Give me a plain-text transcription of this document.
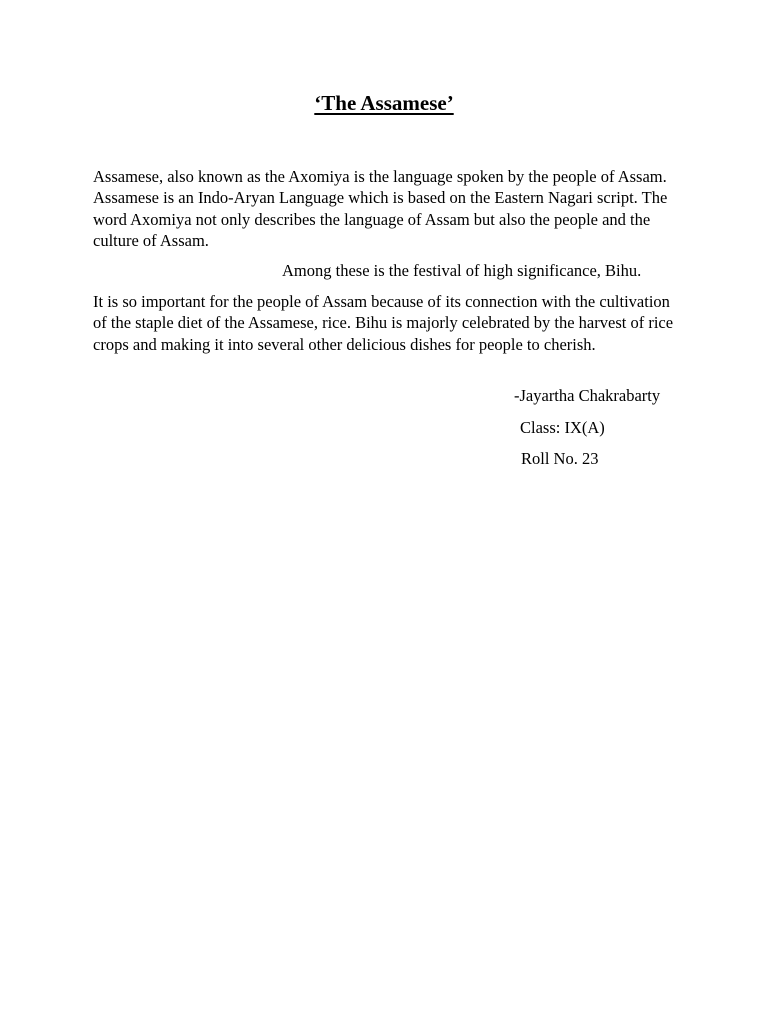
‘The Assamese’

Assamese, also known as the Axomiya is the language spoken by the people of Assam. Assamese is an Indo-Aryan Language which is based on the Eastern Nagari script. The word Axomiya not only describes the language of Assam but also the people and the culture of Assam.

Among these is the festival of high significance, Bihu.

It is so important for the people of Assam because of its connection with the cultivation of the staple diet of the Assamese, rice. Bihu is majorly celebrated by the harvest of rice crops and making it into several other delicious dishes for people to cherish.

-Jayartha Chakrabarty

Class: IX(A)

Roll No. 23
